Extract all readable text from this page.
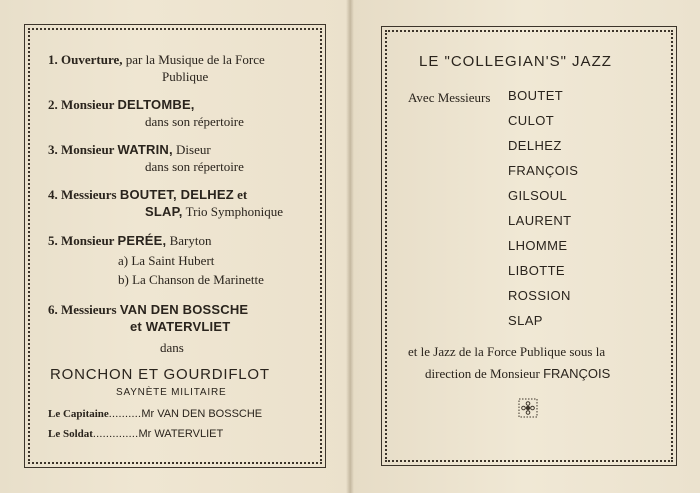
1. Ouverture, par la Musique de la Force
Publique
2. Monsieur DELTOMBE,
dans son répertoire
3. Monsieur WATRIN, Diseur
dans son répertoire
4. Messieurs BOUTET, DELHEZ et
SLAP, Trio Symphonique
5. Monsieur PERÉE, Baryton
a) La Saint Hubert
b) La Chanson de Marinette
6. Messieurs VAN DEN BOSSCHE
et WATERVLIET
dans
RONCHON ET GOURDIFLOT
SAYNÈTE MILITAIRE
Le Capitaine..........Mr VAN DEN BOSSCHE
Le Soldat..............Mr WATERVLIET
LE "COLLEGIAN'S" JAZZ
Avec Messieurs BOUTET
CULOT
DELHEZ
FRANÇOIS
GILSOUL
LAURENT
LHOMME
LIBOTTE
ROSSION
SLAP
et le Jazz de la Force Publique sous la
direction de Monsieur FRANÇOIS
